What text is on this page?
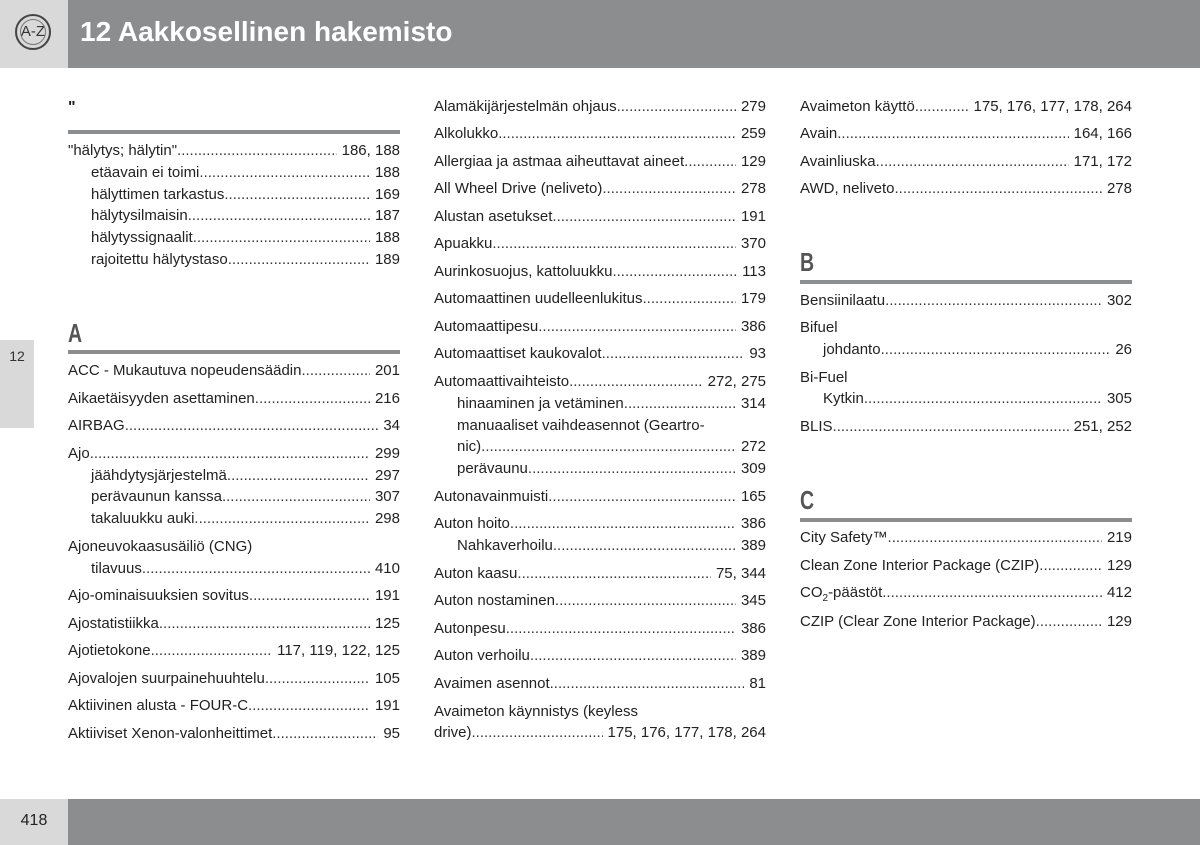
A-Z 12 Aakkosellinen hakemisto
12
"
"hälytys; hälytin" .....	186, 188
etäavain ei toimi .....	188
hälyttimen tarkastus .....	169
hälytysilmaisin .....	187
hälytyssignaalit .....	188
rajoitettu hälytystaso .....	189
A
ACC - Mukautuva nopeudensäädin .....	201
Aikaetäisyyden asettaminen .....	216
AIRBAG .....	34
Ajo .....	299
jäähdytysjärjestelmä .....	297
perävaunun kanssa .....	307
takaluukku auki .....	298
Ajoneuvokaasusäiliö (CNG)
tilavuus .....	410
Ajo-ominaisuuksien sovitus .....	191
Ajostatistiikka .....	125
Ajotietokone .....	117, 119, 122, 125
Ajovalojen suurpainehuuhtelu .....	105
Aktiivinen alusta - FOUR-C .....	191
Aktiiviset Xenon-valonheittimet .....	95
Alamäkijärjestelmän ohjaus .....	279
Alkolukko .....	259
Allergiaa ja astmaa aiheuttavat aineet .....	129
All Wheel Drive (neliveto) .....	278
Alustan asetukset .....	191
Apuakku .....	370
Aurinkosuojus, kattoluukku .....	113
Automaattinen uudelleenlukitus .....	179
Automaattipesu .....	386
Automaattiset kaukovalot .....	93
Automaattivaihteisto .....	272, 275
hinaaminen ja vetäminen .....	314
manuaaliset vaihdeasennot (Geartro-
nic) .....	272
perävaunu .....	309
Autonavainmuisti .....	165
Auton hoito .....	386
Nahkaverhoilu .....	389
Auton kaasu .....	75, 344
Auton nostaminen .....	345
Autonpesu .....	386
Auton verhoilu .....	389
Avaimen asennot .....	81
Avaimeton käynnistys (keyless
drive) .....	175, 176, 177, 178, 264
Avaimeton käyttö .....	175, 176, 177, 178, 264
Avain .....	164, 166
Avainliuska .....	171, 172
AWD, neliveto .....	278
B
Bensiinilaatu .....	302
Bifuel
johdanto .....	26
Bi-Fuel
Kytkin .....	305
BLIS .....	251, 252
C
City Safety™ .....	219
Clean Zone Interior Package (CZIP) .....	129
$CO_2$-päästöt .....	412
CZIP (Clear Zone Interior Package) .....	129
418
